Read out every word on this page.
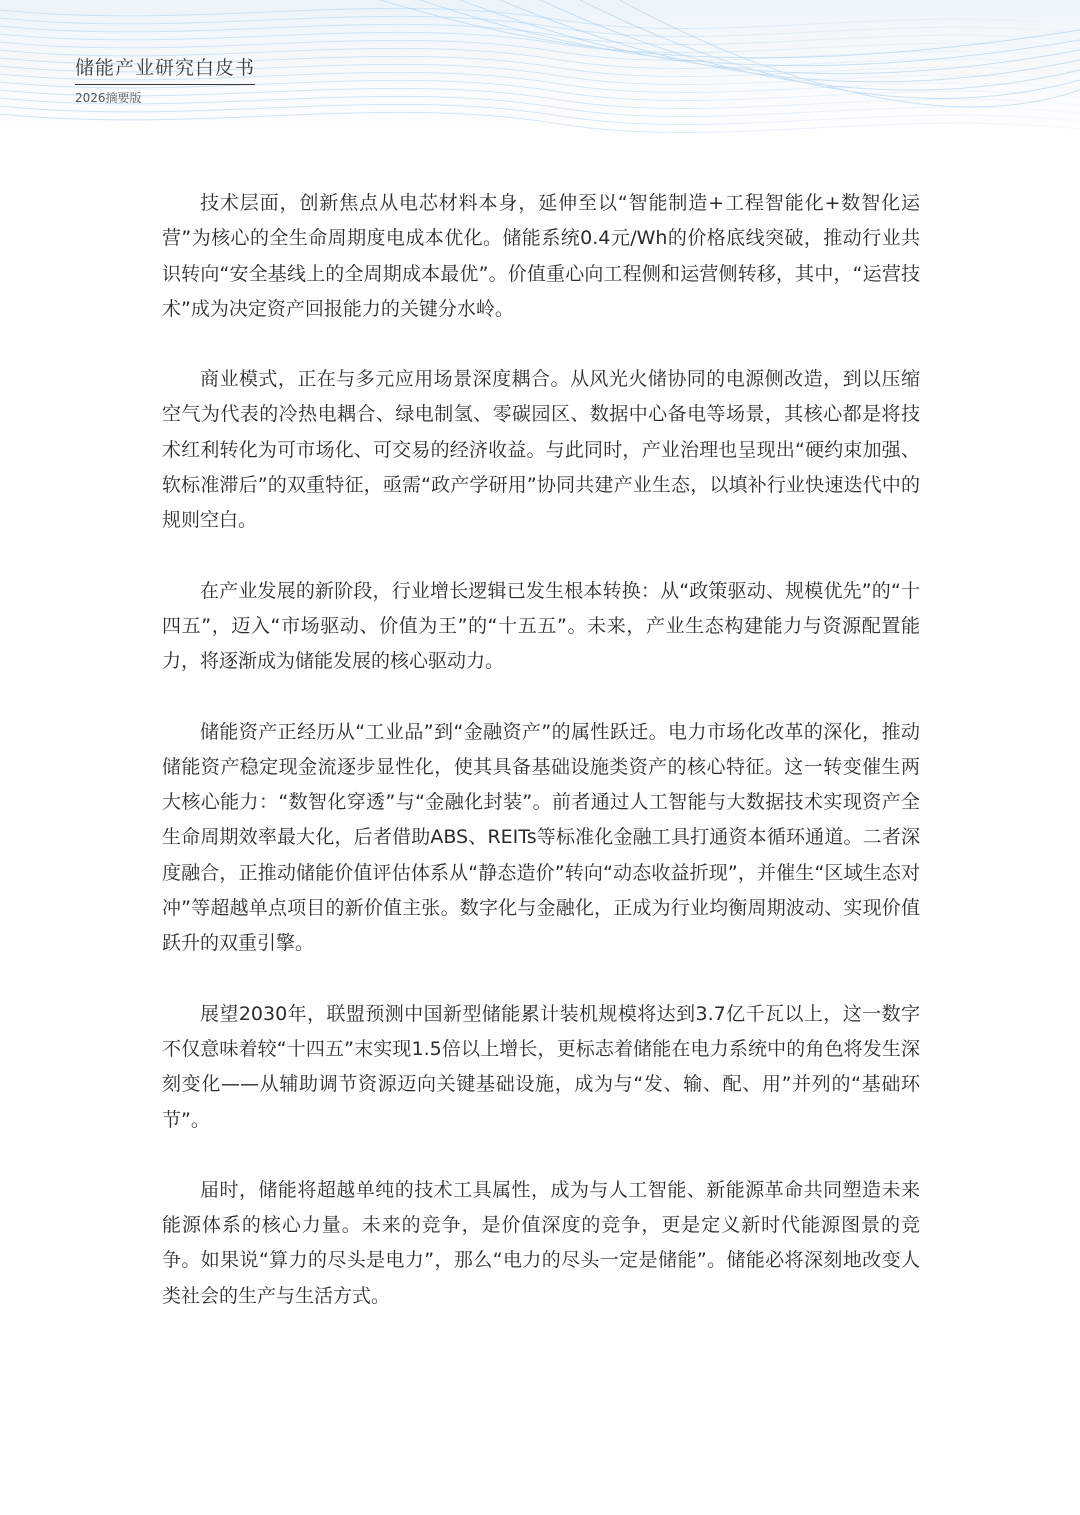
储能产业研究白皮书
2026摘要版

技术层面，创新焦点从电芯材料本身，延伸至以“智能制造+工程智能化+数智化运营”为核心的全生命周期度电成本优化。储能系统0.4元/Wh的价格底线突破，推动行业共识转向“安全基线上的全周期成本最优”。价值重心向工程侧和运营侧转移，其中，“运营技术”成为决定资产回报能力的关键分水岭。

商业模式，正在与多元应用场景深度耦合。从风光火储协同的电源侧改造，到以压缩空气为代表的冷热电耦合、绿电制氢、零碳园区、数据中心备电等场景，其核心都是将技术红利转化为可市场化、可交易的经济收益。与此同时，产业治理也呈现出“硬约束加强、软标准滞后”的双重特征，亟需“政产学研用”协同共建产业生态，以填补行业快速迭代中的规则空白。

在产业发展的新阶段，行业增长逻辑已发生根本转换：从“政策驱动、规模优先”的“十四五”，迈入“市场驱动、价值为王”的“十五五”。未来，产业生态构建能力与资源配置能力，将逐渐成为储能发展的核心驱动力。

储能资产正经历从“工业品”到“金融资产”的属性跃迁。电力市场化改革的深化，推动储能资产稳定现金流逐步显性化，使其具备基础设施类资产的核心特征。这一转变催生两大核心能力：“数智化穿透”与“金融化封装”。前者通过人工智能与大数据技术实现资产全生命周期效率最大化，后者借助ABS、REITs等标准化金融工具打通资本循环通道。二者深度融合，正推动储能价值评估体系从“静态造价”转向“动态收益折现”，并催生“区域生态对冲”等超越单点项目的新价值主张。数字化与金融化，正成为行业均衡周期波动、实现价值跃升的双重引擎。

展望2030年，联盟预测中国新型储能累计装机规模将达到3.7亿千瓦以上，这一数字不仅意味着较“十四五”末实现1.5倍以上增长，更标志着储能在电力系统中的角色将发生深刻变化——从辅助调节资源迈向关键基础设施，成为与“发、输、配、用”并列的“基础环节”。

届时，储能将超越单纯的技术工具属性，成为与人工智能、新能源革命共同塑造未来能源体系的核心力量。未来的竞争，是价值深度的竞争，更是定义新时代能源图景的竞争。如果说“算力的尽头是电力”，那么“电力的尽头一定是储能”。储能必将深刻地改变人类社会的生产与生活方式。
